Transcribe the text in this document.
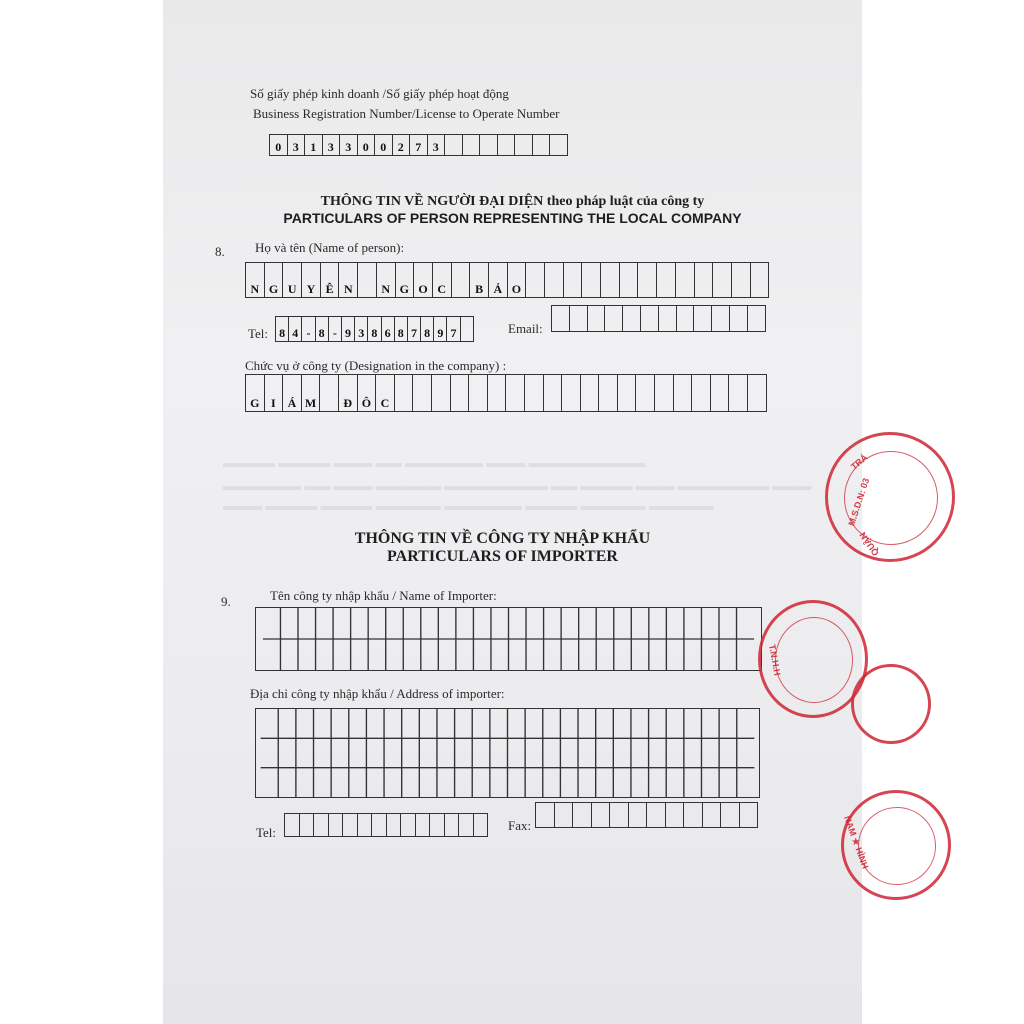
▬▬▬▬ ▬▬▬▬ ▬▬▬ ▬▬ ▬▬▬▬▬▬ ▬▬▬ ▬▬▬▬▬▬▬▬▬
▬▬▬▬▬▬ ▬▬ ▬▬▬ ▬▬▬▬▬ ▬▬▬▬▬▬▬▬ ▬▬ ▬▬▬▬ ▬▬▬ ▬▬▬▬▬▬▬ ▬▬▬
▬▬▬ ▬▬▬▬ ▬▬▬▬ ▬▬▬▬▬ ▬▬▬▬▬▬ ▬▬▬▬ ▬▬▬▬▬ ▬▬▬▬▬
Số giấy phép kinh doanh /Số giấy phép hoạt động
Business Registration Number/License to Operate Number
0 3 1 3 3 0 0 2 7 3
THÔNG TIN VỀ NGƯỜI ĐẠI DIỆN theo pháp luật của công ty
PARTICULARS OF PERSON REPRESENTING THE LOCAL COMPANY
8. Họ và tên (Name of person):
N G U Y Ê N	N G O C	B Ả O
Tel: 8 4 - 8 - 9 3 8 6 8 7 8 9 7	Email:
Chức vụ ở công ty (Designation in the company) :
G I Á M	Đ Ô C
THÔNG TIN VỀ CÔNG TY NHẬP KHẨU
PARTICULARS OF IMPORTER
9.	Tên công ty nhập khẩu / Name of Importer:
Địa chỉ công ty nhập khẩu / Address of importer:
Tel:	Fax:
M.S.D.N: 03
TRÁ
QUẬN
T.N.H.H
NAM ★ HÌNH
